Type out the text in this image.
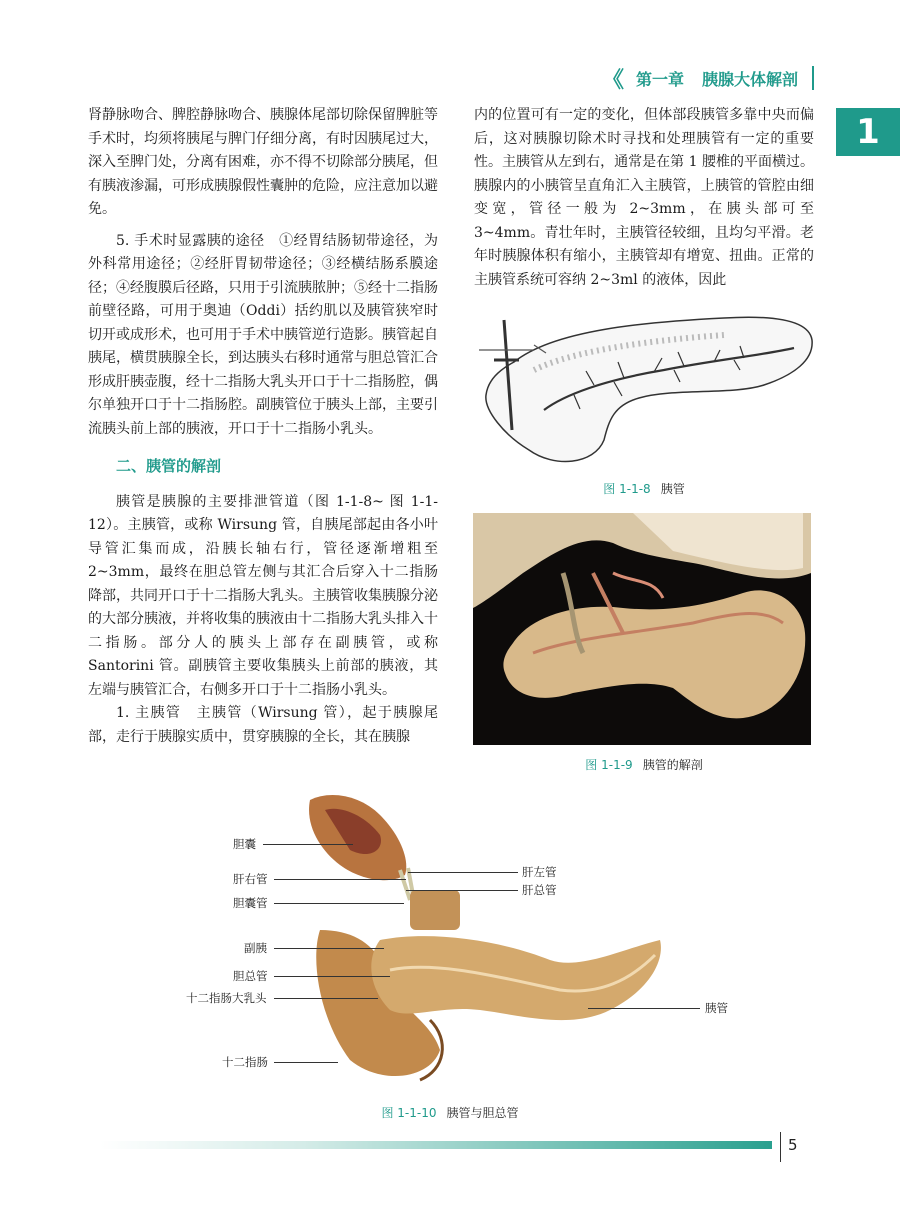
《 第一章 胰腺大体解剖
1

肾静脉吻合、脾腔静脉吻合、胰腺体尾部切除保留脾脏等手术时，均须将胰尾与脾门仔细分离，有时因胰尾过大，深入至脾门处，分离有困难，亦不得不切除部分胰尾，但有胰液渗漏，可形成胰腺假性囊肿的危险，应注意加以避免。

5. 手术时显露胰的途径　①经胃结肠韧带途径，为外科常用途径；②经肝胃韧带途径；③经横结肠系膜途径；④经腹膜后径路，只用于引流胰脓肿；⑤经十二指肠前壁径路，可用于奥迪（Oddi）括约肌以及胰管狭窄时切开或成形术，也可用于手术中胰管逆行造影。胰管起自胰尾，横贯胰腺全长，到达胰头右移时通常与胆总管汇合形成肝胰壶腹，经十二指肠大乳头开口于十二指肠腔，偶尔单独开口于十二指肠腔。副胰管位于胰头上部，主要引流胰头前上部的胰液，开口于十二指肠小乳头。

二、胰管的解剖

胰管是胰腺的主要排泄管道（图 1-1-8~ 图 1-1-12）。主胰管，或称 Wirsung 管，自胰尾部起由各小叶导管汇集而成，沿胰长轴右行，管径逐渐增粗至 2~3mm，最终在胆总管左侧与其汇合后穿入十二指肠降部，共同开口于十二指肠大乳头。主胰管收集胰腺分泌的大部分胰液，并将收集的胰液由十二指肠大乳头排入十二指肠。部分人的胰头上部存在副胰管，或称 Santorini 管。副胰管主要收集胰头上前部的胰液，其左端与胰管汇合，右侧多开口于十二指肠小乳头。

1. 主胰管　主胰管（Wirsung 管），起于胰腺尾部，走行于胰腺实质中，贯穿胰腺的全长，其在胰腺

内的位置可有一定的变化，但体部段胰管多靠中央而偏后，这对胰腺切除术时寻找和处理胰管有一定的重要性。主胰管从左到右，通常是在第 1 腰椎的平面横过。胰腺内的小胰管呈直角汇入主胰管，上胰管的管腔由细变宽，管径一般为 2~3mm，在胰头部可至 3~4mm。青壮年时，主胰管径较细，且均匀平滑。老年时胰腺体积有缩小，主胰管却有增宽、扭曲。正常的主胰管系统可容纳 2~3ml 的液体，因此

图 1-1-8 胰管
图 1-1-9 胰管的解剖
胆囊
肝右管
胆囊管
副胰
胆总管
十二指肠大乳头
十二指肠
肝左管
肝总管
胰管
图 1-1-10 胰管与胆总管
5
